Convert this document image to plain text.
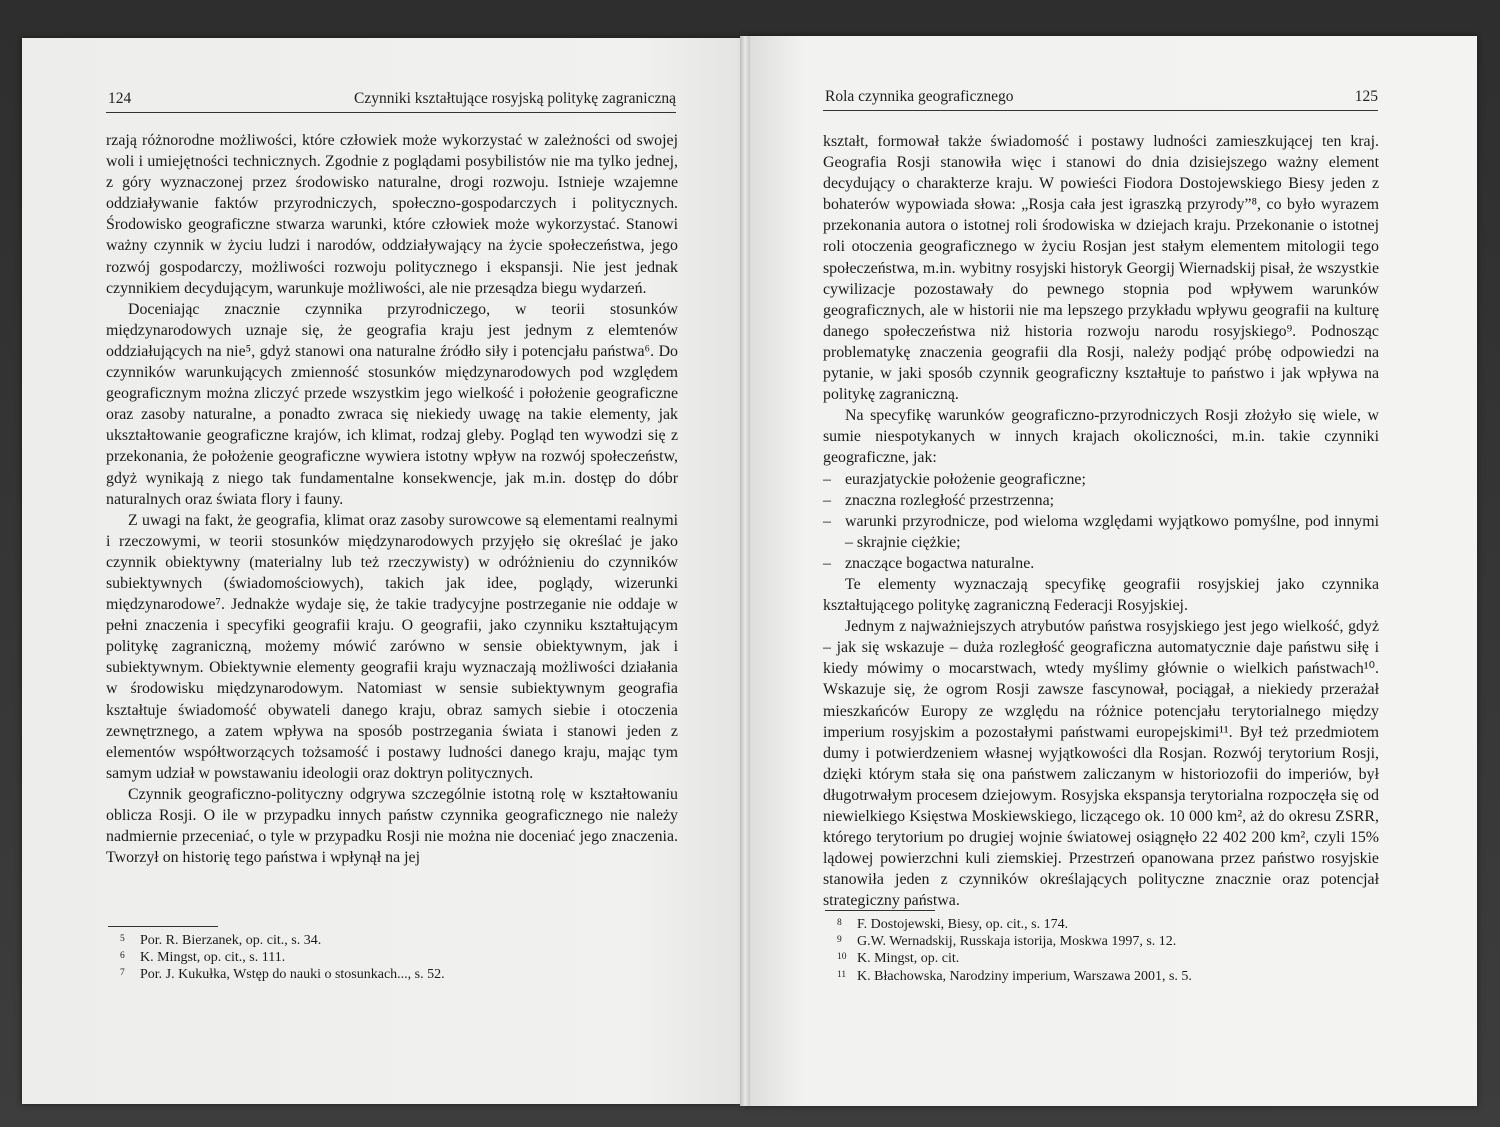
124	Czynniki kształtujące rosyjską politykę zagraniczną

rzają różnorodne możliwości, które człowiek może wykorzystać w zależności od swojej woli i umiejętności technicznych. Zgodnie z poglądami posybilistów nie ma tylko jednej, z góry wyznaczonej przez środowisko naturalne, drogi rozwoju. Istnieje wzajemne oddziaływanie faktów przyrodniczych, społeczno-gospodarczych i politycznych. Środowisko geograficzne stwarza warunki, które człowiek może wykorzystać. Stanowi ważny czynnik w życiu ludzi i narodów, oddziaływający na życie społeczeństwa, jego rozwój gospodarczy, możliwości rozwoju politycznego i ekspansji. Nie jest jednak czynnikiem decydującym, warunkuje możliwości, ale nie przesądza biegu wydarzeń.

Doceniając znacznie czynnika przyrodniczego, w teorii stosunków międzynarodowych uznaje się, że geografia kraju jest jednym z elemtenów oddziałujących na nie⁵, gdyż stanowi ona naturalne źródło siły i potencjału państwa⁶. Do czynników warunkujących zmienność stosunków międzynarodowych pod względem geograficznym można zliczyć przede wszystkim jego wielkość i położenie geograficzne oraz zasoby naturalne, a ponadto zwraca się niekiedy uwagę na takie elementy, jak ukształtowanie geograficzne krajów, ich klimat, rodzaj gleby. Pogląd ten wywodzi się z przekonania, że położenie geograficzne wywiera istotny wpływ na rozwój społeczeństw, gdyż wynikają z niego tak fundamentalne konsekwencje, jak m.in. dostęp do dóbr naturalnych oraz świata flory i fauny.

Z uwagi na fakt, że geografia, klimat oraz zasoby surowcowe są elementami realnymi i rzeczowymi, w teorii stosunków międzynarodowych przyjęło się określać je jako czynnik obiektywny (materialny lub też rzeczywisty) w odróżnieniu do czynników subiektywnych (świadomościowych), takich jak idee, poglądy, wizerunki międzynarodowe⁷. Jednakże wydaje się, że takie tradycyjne postrzeganie nie oddaje w pełni znaczenia i specyfiki geografii kraju. O geografii, jako czynniku kształtującym politykę zagraniczną, możemy mówić zarówno w sensie obiektywnym, jak i subiektywnym. Obiektywnie elementy geografii kraju wyznaczają możliwości działania w środowisku międzynarodowym. Natomiast w sensie subiektywnym geografia kształtuje świadomość obywateli danego kraju, obraz samych siebie i otoczenia zewnętrznego, a zatem wpływa na sposób postrzegania świata i stanowi jeden z elementów współtworzących tożsamość i postawy ludności danego kraju, mając tym samym udział w powstawaniu ideologii oraz doktryn politycznych.

Czynnik geograficzno-polityczny odgrywa szczególnie istotną rolę w kształtowaniu oblicza Rosji. O ile w przypadku innych państw czynnika geograficznego nie należy nadmiernie przeceniać, o tyle w przypadku Rosji nie można nie doceniać jego znaczenia. Tworzył on historię tego państwa i wpłynął na jej

5 Por. R. Bierzanek, op. cit., s. 34.
6 K. Mingst, op. cit., s. 111.
7 Por. J. Kukułka, Wstęp do nauki o stosunkach..., s. 52.
Rola czynnika geograficznego	125

kształt, formował także świadomość i postawy ludności zamieszkującej ten kraj. Geografia Rosji stanowiła więc i stanowi do dnia dzisiejszego ważny element decydujący o charakterze kraju. W powieści Fiodora Dostojewskiego Biesy jeden z bohaterów wypowiada słowa: „Rosja cała jest igraszką przyrody”⁸, co było wyrazem przekonania autora o istotnej roli środowiska w dziejach kraju. Przekonanie o istotnej roli otoczenia geograficznego w życiu Rosjan jest stałym elementem mitologii tego społeczeństwa, m.in. wybitny rosyjski historyk Georgij Wiernadskij pisał, że wszystkie cywilizacje pozostawały do pewnego stopnia pod wpływem warunków geograficznych, ale w historii nie ma lepszego przykładu wpływu geografii na kulturę danego społeczeństwa niż historia rozwoju narodu rosyjskiego⁹. Podnosząc problematykę znaczenia geografii dla Rosji, należy podjąć próbę odpowiedzi na pytanie, w jaki sposób czynnik geograficzny kształtuje to państwo i jak wpływa na politykę zagraniczną.

Na specyfikę warunków geograficzno-przyrodniczych Rosji złożyło się wiele, w sumie niespotykanych w innych krajach okoliczności, m.in. takie czynniki geograficzne, jak:

– eurazjatyckie położenie geograficzne;
– znaczna rozległość przestrzenna;
– warunki przyrodnicze, pod wieloma względami wyjątkowo pomyślne, pod innymi – skrajnie ciężkie;
– znaczące bogactwa naturalne.

Te elementy wyznaczają specyfikę geografii rosyjskiej jako czynnika kształtującego politykę zagraniczną Federacji Rosyjskiej.

Jednym z najważniejszych atrybutów państwa rosyjskiego jest jego wielkość, gdyż – jak się wskazuje – duża rozległość geograficzna automatycznie daje państwu siłę i kiedy mówimy o mocarstwach, wtedy myślimy głównie o wielkich państwach¹⁰. Wskazuje się, że ogrom Rosji zawsze fascynował, pociągał, a niekiedy przerażał mieszkańców Europy ze względu na różnice potencjału terytorialnego między imperium rosyjskim a pozostałymi państwami europejskimi¹¹. Był też przedmiotem dumy i potwierdzeniem własnej wyjątkowości dla Rosjan. Rozwój terytorium Rosji, dzięki którym stała się ona państwem zaliczanym w historiozofii do imperiów, był długotrwałym procesem dziejowym. Rosyjska ekspansja terytorialna rozpoczęła się od niewielkiego Księstwa Moskiewskiego, liczącego ok. 10 000 km², aż do okresu ZSRR, którego terytorium po drugiej wojnie światowej osiągnęło 22 402 200 km², czyli 15% lądowej powierzchni kuli ziemskiej. Przestrzeń opanowana przez państwo rosyjskie stanowiła jeden z czynników określających polityczne znacznie oraz potencjał strategiczny państwa.

8 F. Dostojewski, Biesy, op. cit., s. 174.
9 G.W. Wernadskij, Russkaja istorija, Moskwa 1997, s. 12.
10 K. Mingst, op. cit.
11 K. Błachowska, Narodziny imperium, Warszawa 2001, s. 5.
